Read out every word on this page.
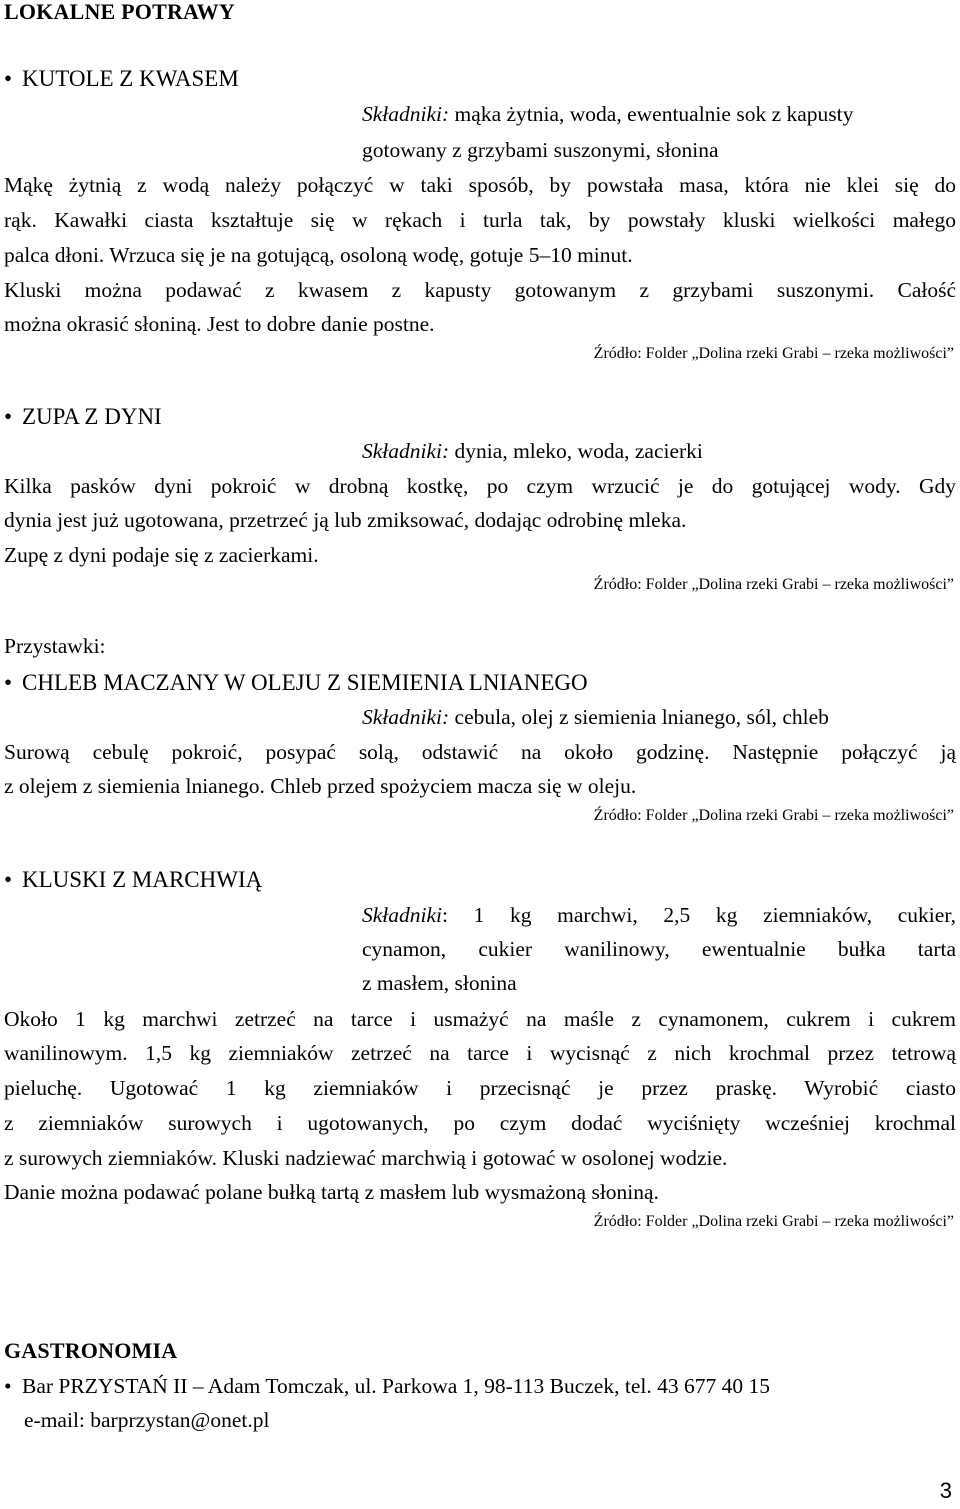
LOKALNE POTRAWY
• KUTOLE Z KWASEM
Składniki: mąka żytnia, woda, ewentualnie sok z kapusty
gotowany z grzybami suszonymi, słonina
Mąkę żytnią z wodą należy połączyć w taki sposób, by powstała masa, która nie klei się do
rąk. Kawałki ciasta kształtuje się w rękach i turla tak, by powstały kluski wielkości małego
palca dłoni. Wrzuca się je na gotującą, osoloną wodę, gotuje 5–10 minut.
Kluski można podawać z kwasem z kapusty gotowanym z grzybami suszonymi. Całość
można okrasić słoniną. Jest to dobre danie postne.
Źródło: Folder „Dolina rzeki Grabi – rzeka możliwości”
• ZUPA Z DYNI
Składniki: dynia, mleko, woda, zacierki
Kilka pasków dyni pokroić w drobną kostkę, po czym wrzucić je do gotującej wody. Gdy
dynia jest już ugotowana, przetrzeć ją lub zmiksować, dodając odrobinę mleka.
Zupę z dyni podaje się z zacierkami.
Źródło: Folder „Dolina rzeki Grabi – rzeka możliwości”
Przystawki:
• CHLEB MACZANY W OLEJU Z SIEMIENIA LNIANEGO
Składniki: cebula, olej z siemienia lnianego, sól, chleb
Surową cebulę pokroić, posypać solą, odstawić na około godzinę. Następnie połączyć ją
z olejem z siemienia lnianego. Chleb przed spożyciem macza się w oleju.
Źródło: Folder „Dolina rzeki Grabi – rzeka możliwości”
• KLUSKI Z MARCHWIĄ
Składniki: 1 kg marchwi, 2,5 kg ziemniaków, cukier,
cynamon, cukier wanilinowy, ewentualnie bułka tarta
z masłem, słonina
Około 1 kg marchwi zetrzeć na tarce i usmażyć na maśle z cynamonem, cukrem i cukrem
wanilinowym. 1,5 kg ziemniaków zetrzeć na tarce i wycisnąć z nich krochmal przez tetrową
pieluchę. Ugotować 1 kg ziemniaków i przecisnąć je przez praskę. Wyrobić ciasto
z ziemniaków surowych i ugotowanych, po czym dodać wyciśnięty wcześniej krochmal
z surowych ziemniaków. Kluski nadziewać marchwią i gotować w osolonej wodzie.
Danie można podawać polane bułką tartą z masłem lub wysmażoną słoniną.
Źródło: Folder „Dolina rzeki Grabi – rzeka możliwości”
GASTRONOMIA
• Bar PRZYSTAŃ II – Adam Tomczak, ul. Parkowa 1, 98-113 Buczek, tel. 43 677 40 15
e-mail: barprzystan@onet.pl
3
